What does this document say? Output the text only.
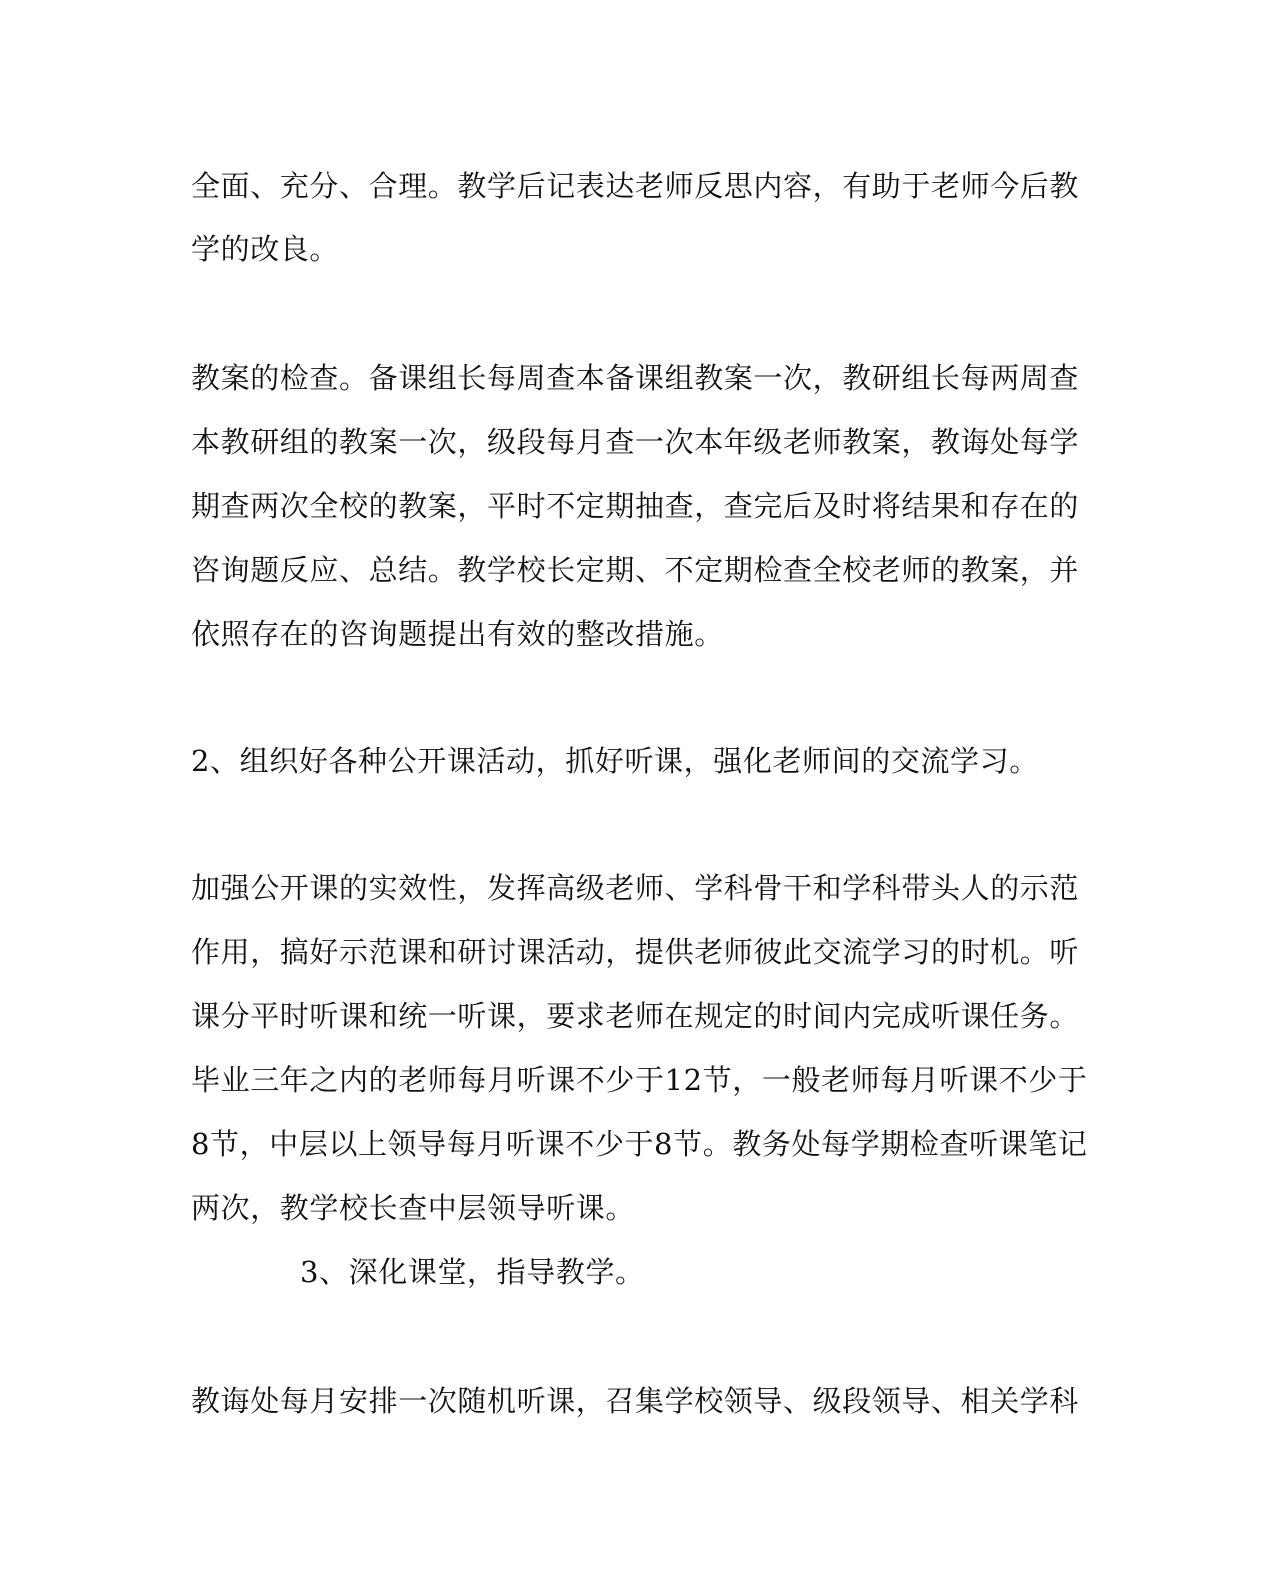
全面、充分、合理。教学后记表达老师反思内容，有助于老师今后教
学的改良。
教案的检查。备课组长每周查本备课组教案一次，教研组长每两周查
本教研组的教案一次，级段每月查一次本年级老师教案，教诲处每学
期查两次全校的教案，平时不定期抽查，查完后及时将结果和存在的
咨询题反应、总结。教学校长定期、不定期检查全校老师的教案，并
依照存在的咨询题提出有效的整改措施。
2、组织好各种公开课活动，抓好听课，强化老师间的交流学习。
加强公开课的实效性，发挥高级老师、学科骨干和学科带头人的示范
作用，搞好示范课和研讨课活动，提供老师彼此交流学习的时机。听
课分平时听课和统一听课，要求老师在规定的时间内完成听课任务。
毕业三年之内的老师每月听课不少于12节，一般老师每月听课不少于
8节，中层以上领导每月听课不少于8节。教务处每学期检查听课笔记
两次，教学校长查中层领导听课。
3、深化课堂，指导教学。
教诲处每月安排一次随机听课，召集学校领导、级段领导、相关学科
